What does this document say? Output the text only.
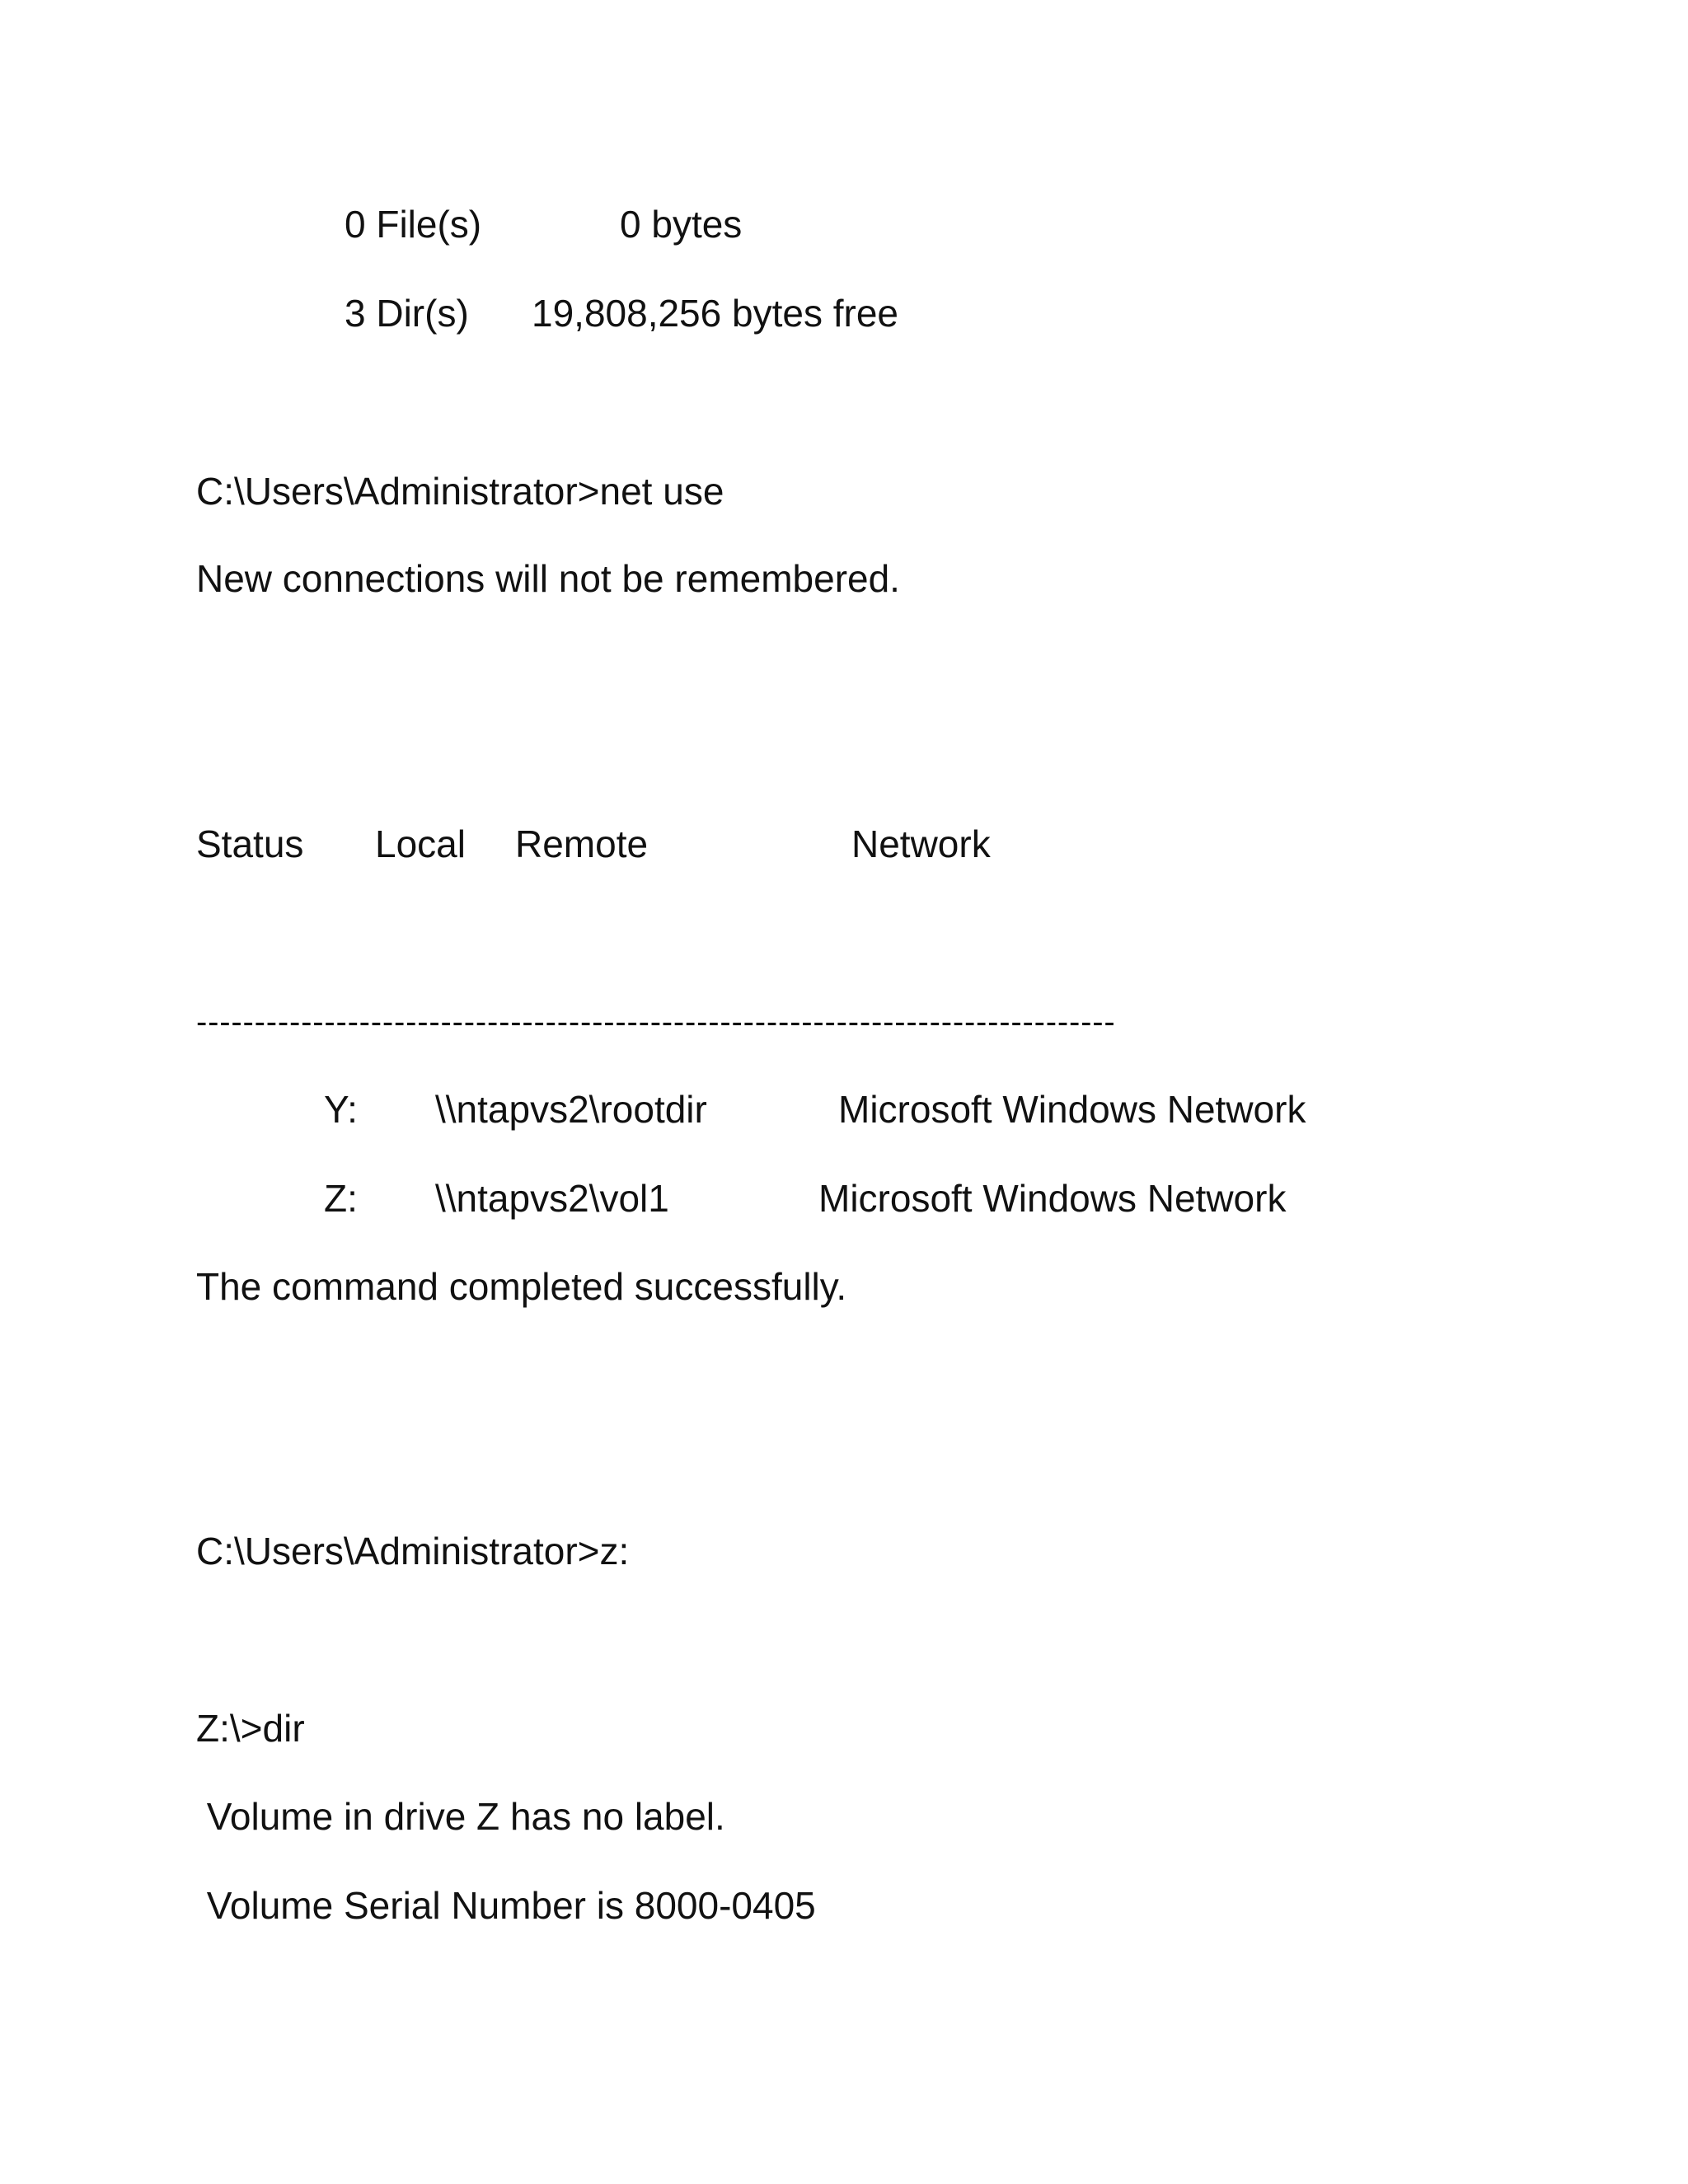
0 File(s)	0 bytes
3 Dir(s) 19,808,256 bytes free
C:\Users\Administrator>net use
New connections will not be remembered.
Status Local Remote	Network
-------------------------------------------------------------------------------
Y: \\ntapvs2\rootdir	Microsoft Windows Network
Z: \\ntapvs2\vol1	Microsoft Windows Network
The command completed successfully.
C:\Users\Administrator>z:
Z:\>dir
Volume in drive Z has no label.
Volume Serial Number is 8000-0405
